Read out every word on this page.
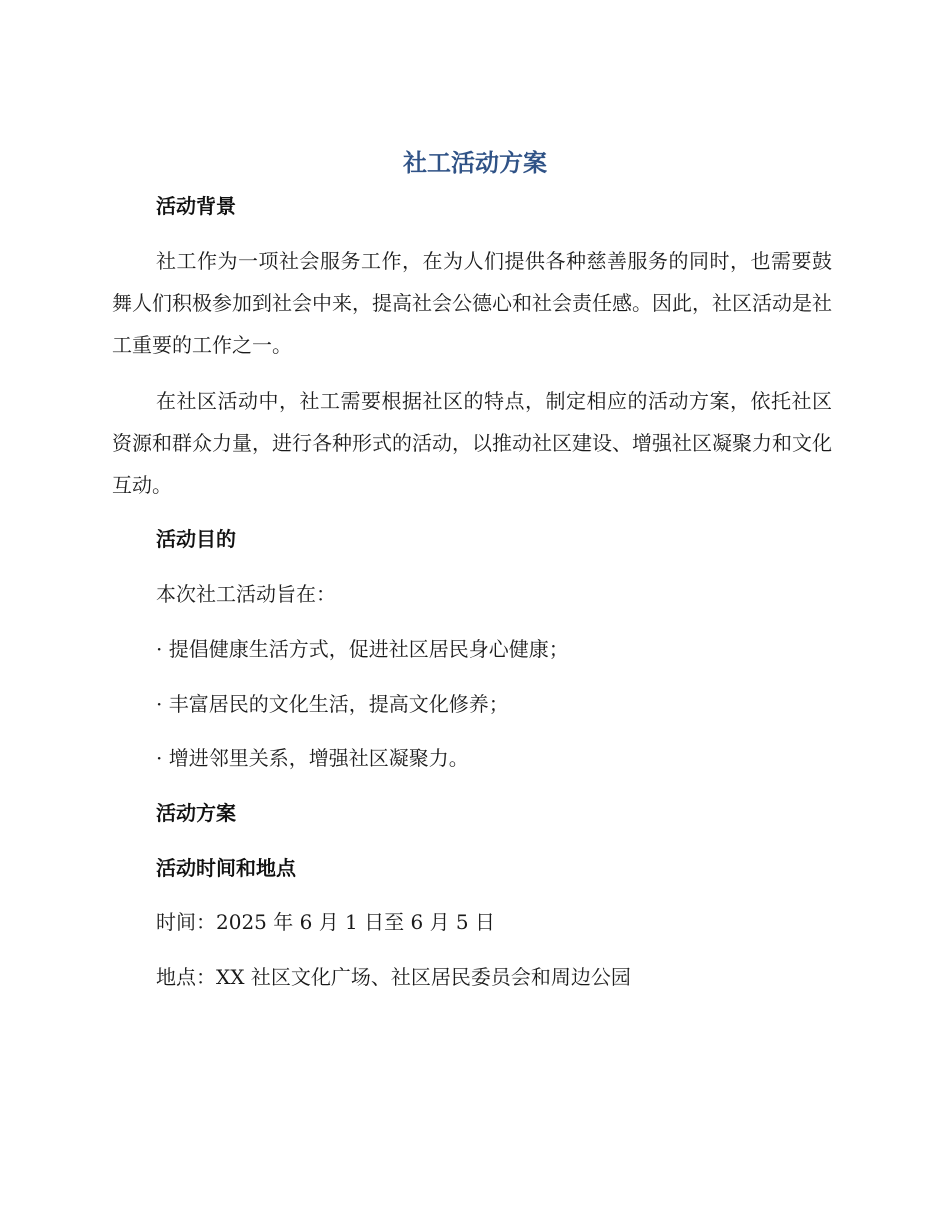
社工活动方案
活动背景

社工作为一项社会服务工作，在为人们提供各种慈善服务的同时，也需要鼓舞人们积极参加到社会中来，提高社会公德心和社会责任感。因此，社区活动是社工重要的工作之一。

在社区活动中，社工需要根据社区的特点，制定相应的活动方案，依托社区资源和群众力量，进行各种形式的活动，以推动社区建设、增强社区凝聚力和文化互动。

活动目的
本次社工活动旨在：
· 提倡健康生活方式，促进社区居民身心健康；
· 丰富居民的文化生活，提高文化修养；
· 增进邻里关系，增强社区凝聚力。
活动方案
活动时间和地点
时间：2025 年 6 月 1 日至 6 月 5 日
地点：XX 社区文化广场、社区居民委员会和周边公园
